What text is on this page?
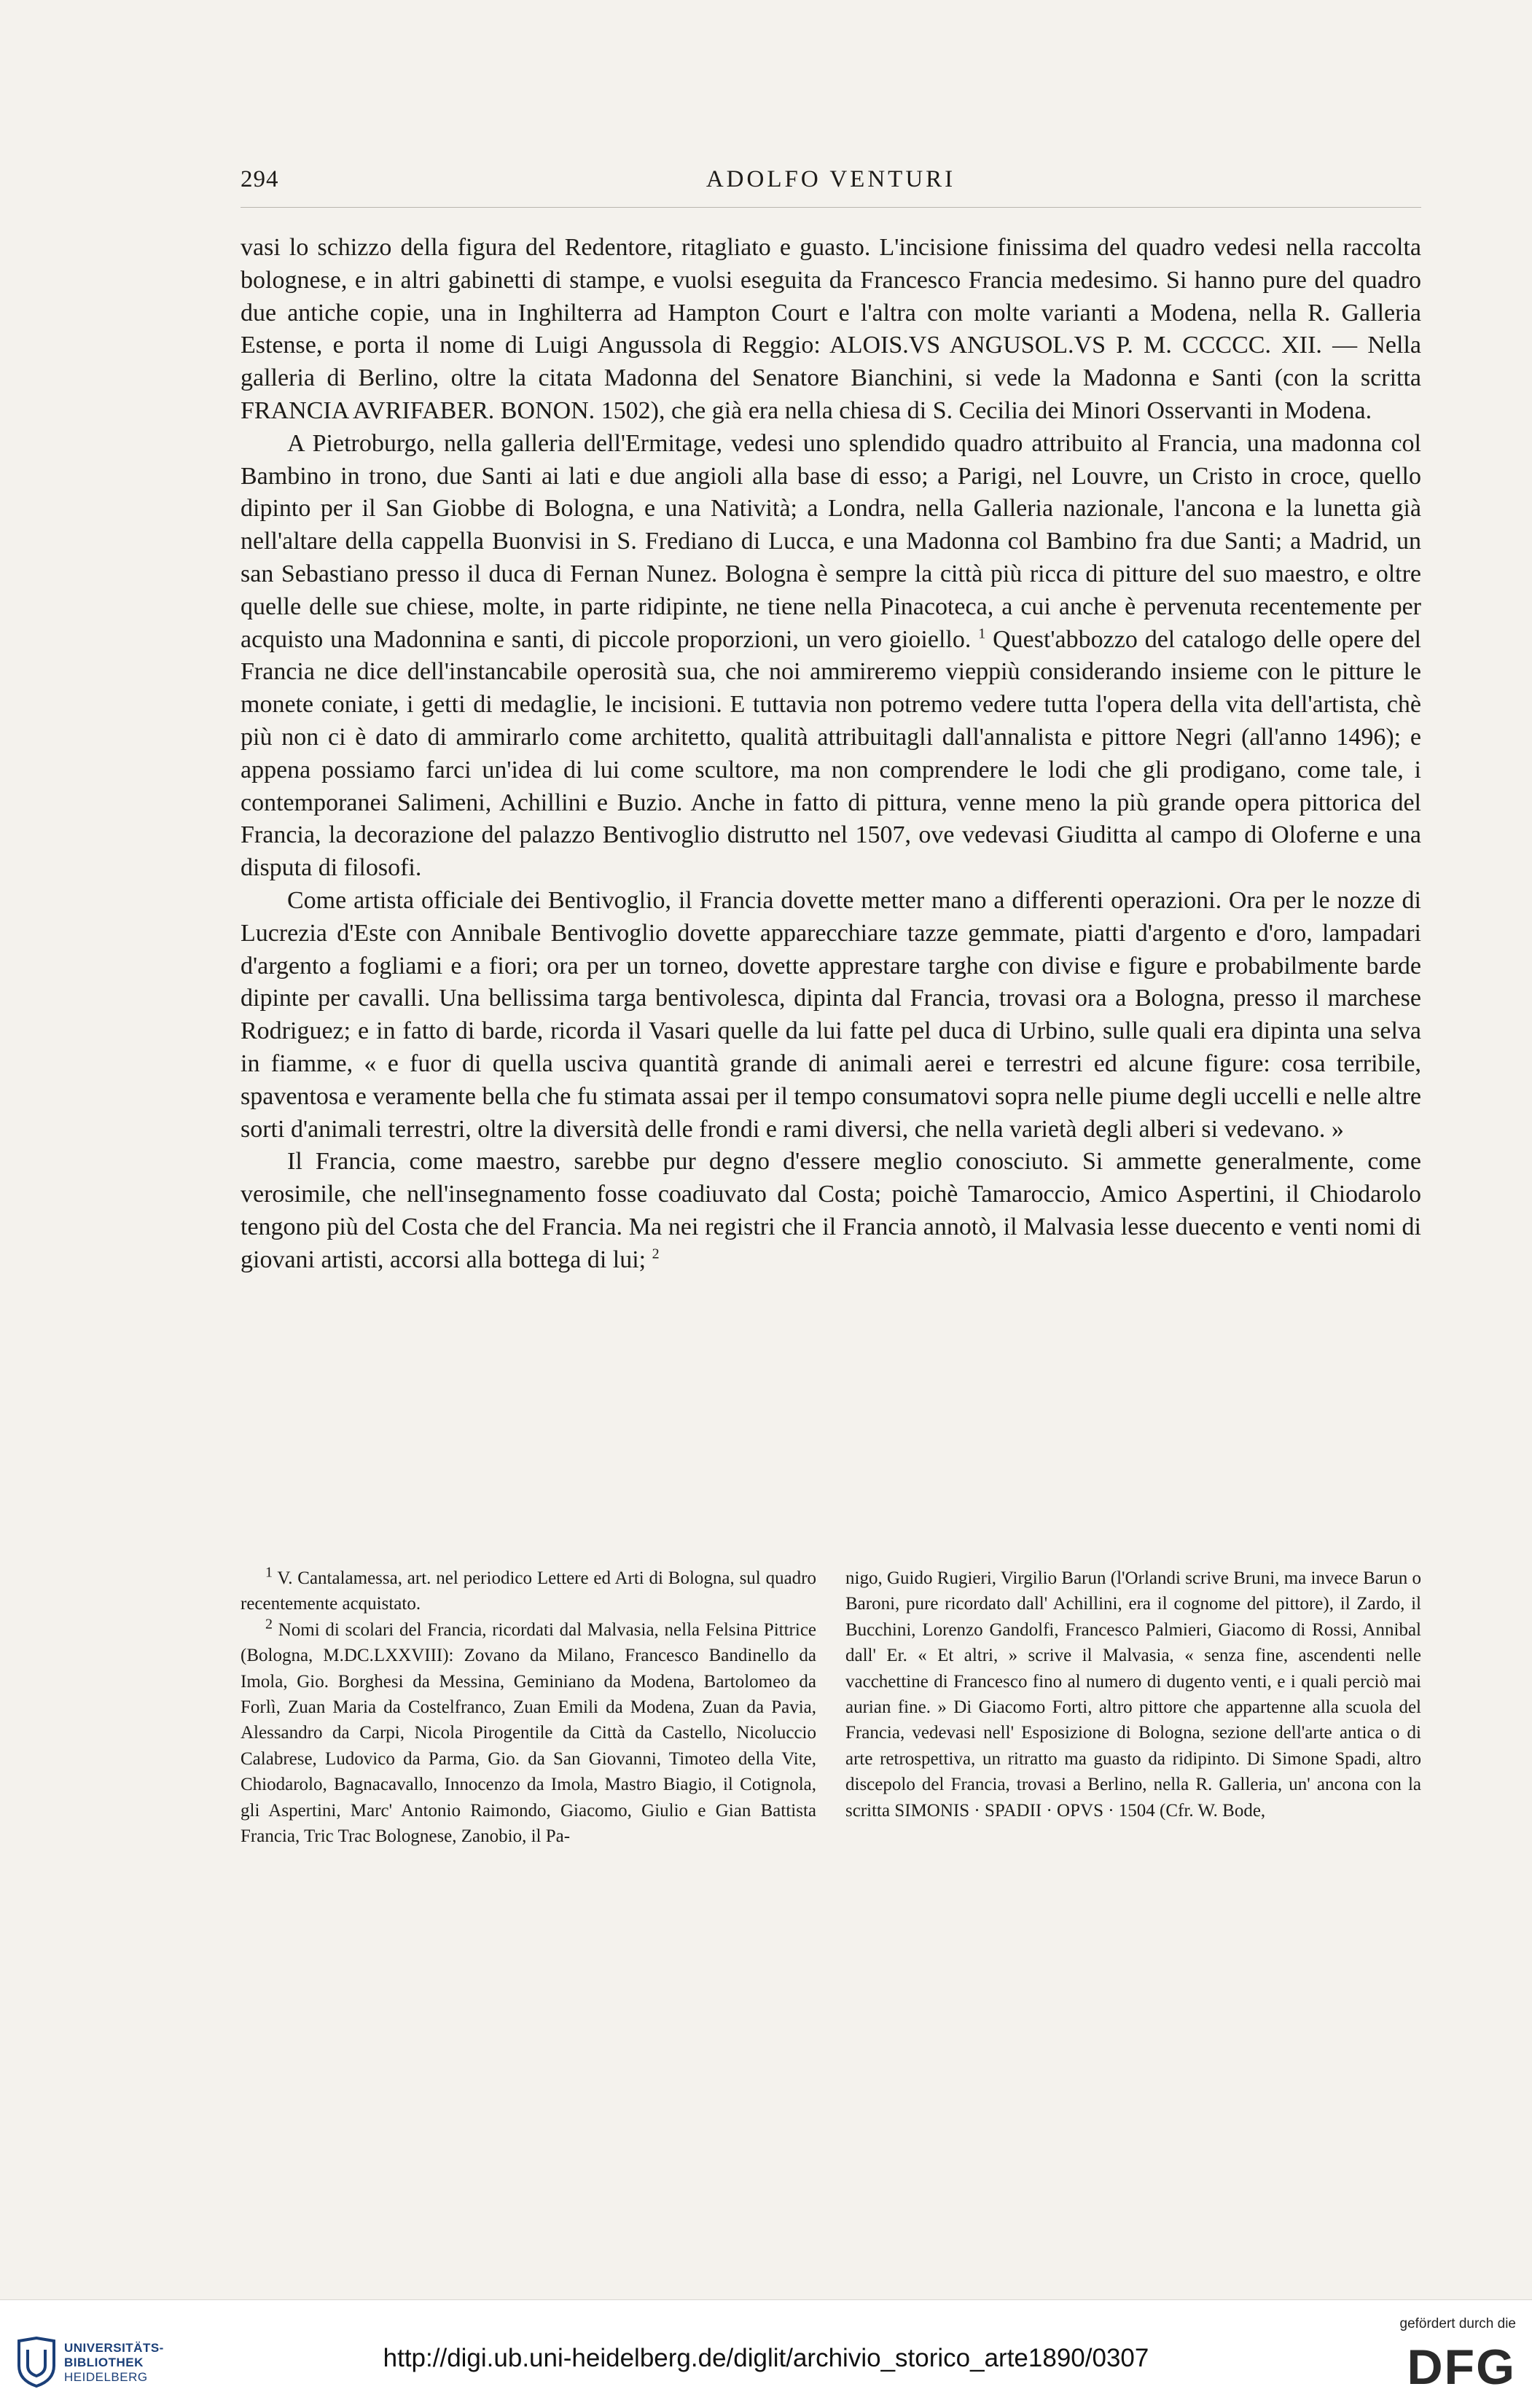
294	ADOLFO VENTURI

vasi lo schizzo della figura del Redentore, ritagliato e guasto. L'incisione finissima del quadro vedesi nella raccolta bolognese, e in altri gabinetti di stampe, e vuolsi eseguita da Francesco Francia medesimo. Si hanno pure del quadro due antiche copie, una in Inghilterra ad Hampton Court e l'altra con molte varianti a Modena, nella R. Galleria Estense, e porta il nome di Luigi Angussola di Reggio: ALOIS.VS ANGUSOL.VS P. M. CCCCC. XII. — Nella galleria di Berlino, oltre la citata Madonna del Senatore Bianchini, si vede la Madonna e Santi (con la scritta FRANCIA AVRIFABER. BONON. 1502), che già era nella chiesa di S. Cecilia dei Minori Osservanti in Modena.

A Pietroburgo, nella galleria dell'Ermitage, vedesi uno splendido quadro attribuito al Francia, una madonna col Bambino in trono, due Santi ai lati e due angioli alla base di esso; a Parigi, nel Louvre, un Cristo in croce, quello dipinto per il San Giobbe di Bologna, e una Natività; a Londra, nella Galleria nazionale, l'ancona e la lunetta già nell'altare della cappella Buonvisi in S. Frediano di Lucca, e una Madonna col Bambino fra due Santi; a Madrid, un san Sebastiano presso il duca di Fernan Nunez. Bologna è sempre la città più ricca di pitture del suo maestro, e oltre quelle delle sue chiese, molte, in parte ridipinte, ne tiene nella Pinacoteca, a cui anche è pervenuta recentemente per acquisto una Madonnina e santi, di piccole proporzioni, un vero gioiello. $^1$ Quest'abbozzo del catalogo delle opere del Francia ne dice dell'instancabile operosità sua, che noi ammireremo vieppiù considerando insieme con le pitture le monete coniate, i getti di medaglie, le incisioni. E tuttavia non potremo vedere tutta l'opera della vita dell'artista, chè più non ci è dato di ammirarlo come architetto, qualità attribuitagli dall'annalista e pittore Negri (all'anno 1496); e appena possiamo farci un'idea di lui come scultore, ma non comprendere le lodi che gli prodigano, come tale, i contemporanei Salimeni, Achillini e Buzio. Anche in fatto di pittura, venne meno la più grande opera pittorica del Francia, la decorazione del palazzo Bentivoglio distrutto nel 1507, ove vedevasi Giuditta al campo di Oloferne e una disputa di filosofi.

Come artista officiale dei Bentivoglio, il Francia dovette metter mano a differenti operazioni. Ora per le nozze di Lucrezia d'Este con Annibale Bentivoglio dovette apparecchiare tazze gemmate, piatti d'argento e d'oro, lampadari d'argento a fogliami e a fiori; ora per un torneo, dovette apprestare targhe con divise e figure e probabilmente barde dipinte per cavalli. Una bellissima targa bentivolesca, dipinta dal Francia, trovasi ora a Bologna, presso il marchese Rodriguez; e in fatto di barde, ricorda il Vasari quelle da lui fatte pel duca di Urbino, sulle quali era dipinta una selva in fiamme, « e fuor di quella usciva quantità grande di animali aerei e terrestri ed alcune figure: cosa terribile, spaventosa e veramente bella che fu stimata assai per il tempo consumatovi sopra nelle piume degli uccelli e nelle altre sorti d'animali terrestri, oltre la diversità delle frondi e rami diversi, che nella varietà degli alberi si vedevano. »

Il Francia, come maestro, sarebbe pur degno d'essere meglio conosciuto. Si ammette generalmente, come verosimile, che nell'insegnamento fosse coadiuvato dal Costa; poichè Tamaroccio, Amico Aspertini, il Chiodarolo tengono più del Costa che del Francia. Ma nei registri che il Francia annotò, il Malvasia lesse duecento e venti nomi di giovani artisti, accorsi alla bottega di lui; $^2$

$^1$ V. Cantalamessa, art. nel periodico Lettere ed Arti di Bologna, sul quadro recentemente acquistato.

$^2$ Nomi di scolari del Francia, ricordati dal Malvasia, nella Felsina Pittrice (Bologna, M.DC.LXXVIII): Zovano da Milano, Francesco Bandinello da Imola, Gio. Borghesi da Messina, Geminiano da Modena, Bartolomeo da Forlì, Zuan Maria da Costelfranco, Zuan Emili da Modena, Zuan da Pavia, Alessandro da Carpi, Nicola Pirogentile da Città da Castello, Nicoluccio Calabrese, Ludovico da Parma, Gio. da San Giovanni, Timoteo della Vite, Chiodarolo, Bagnacavallo, Innocenzo da Imola, Mastro Biagio, il Cotignola, gli Aspertini, Marc' Antonio Raimondo, Giacomo, Giulio e Gian Battista Francia, Tric Trac Bolognese, Zanobio, il Pa-

nigo, Guido Rugieri, Virgilio Barun (l'Orlandi scrive Bruni, ma invece Barun o Baroni, pure ricordato dall' Achillini, era il cognome del pittore), il Zardo, il Bucchini, Lorenzo Gandolfi, Francesco Palmieri, Giacomo di Rossi, Annibal dall' Er. « Et altri, » scrive il Malvasia, « senza fine, ascendenti nelle vacchettine di Francesco fino al numero di dugento venti, e i quali perciò mai aurian fine. » Di Giacomo Forti, altro pittore che appartenne alla scuola del Francia, vedevasi nell' Esposizione di Bologna, sezione dell'arte antica o di arte retrospettiva, un ritratto ma guasto da ridipinto. Di Simone Spadi, altro discepolo del Francia, trovasi a Berlino, nella R. Galleria, un' ancona con la scritta SIMONIS · SPADII · OPVS · 1504 (Cfr. W. Bode,

UNIVERSITÄTS-
BIBLIOTHEK
HEIDELBERG
http://digi.ub.uni-heidelberg.de/diglit/archivio_storico_arte1890/0307
gefördert durch die
DFG
